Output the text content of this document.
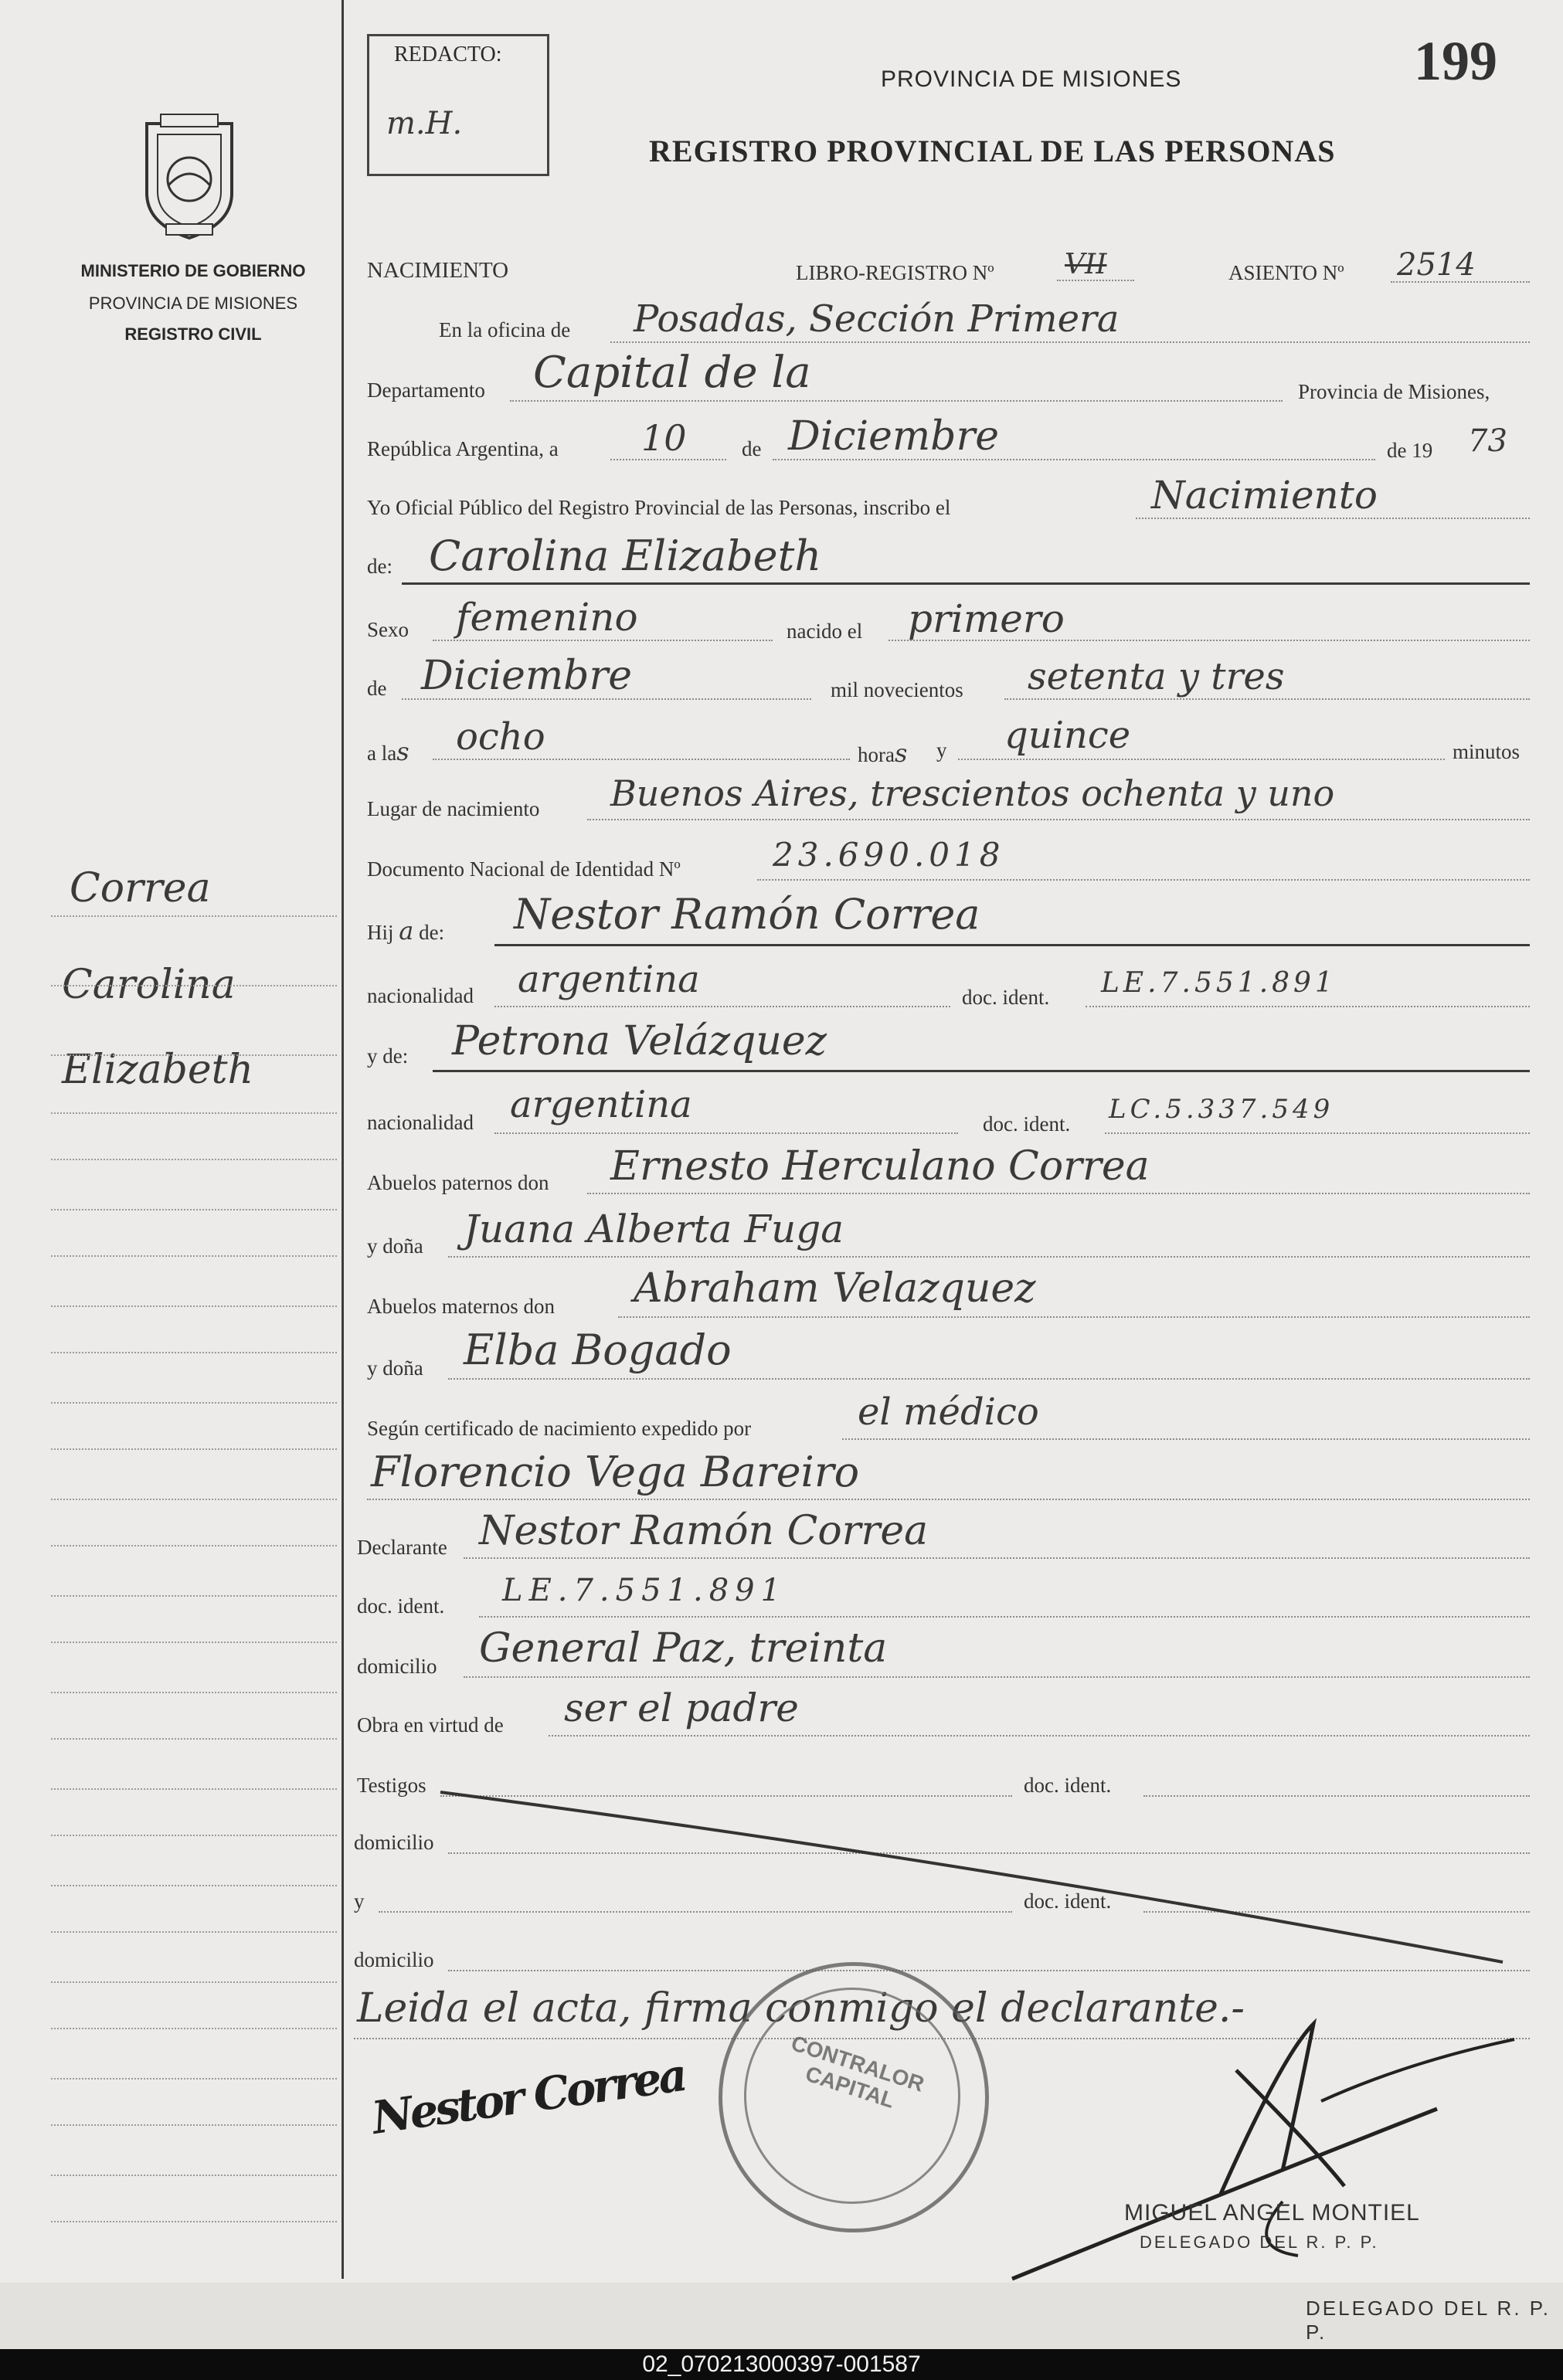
REDACTO:
m.H.
199
PROVINCIA DE MISIONES
REGISTRO PROVINCIAL DE LAS PERSONAS
MINISTERIO DE GOBIERNO
PROVINCIA DE MISIONES
REGISTRO CIVIL
Correa
Carolina
Elizabeth
NACIMIENTO	LIBRO-REGISTRO Nº	VII	ASIENTO Nº 2514
En la oficina de Posadas, Sección Primera
Departamento Capital de la	Provincia de Misiones,
República Argentina, a 10	de Diciembre	de 19 73
Yo Oficial Público del Registro Provincial de las Personas, inscribo el	Nacimiento
de: Carolina Elizabeth
Sexo femenino	nacido el primero
de Diciembre	mil novecientos setenta y tres
a las ocho	horas y quince	minutos
Lugar de nacimiento Buenos Aires, trescientos ochenta y uno
Documento Nacional de Identidad Nº	23.690.018
Hij a de: Nestor Ramón Correa
nacionalidad argentina	doc. ident. LE.7.551.891
y de: Petrona Velázquez
nacionalidad argentina	doc. ident. LC.5.337.549
Abuelos paternos don Ernesto Herculano Correa
y doña Juana Alberta Fuga
Abuelos maternos don Abraham Velazquez
y doña Elba Bogado
Según certificado de nacimiento expedido por	el médico
Florencio Vega Bareiro
Declarante Nestor Ramón Correa
doc. ident. LE.7.551.891
domicilio General Paz, treinta
Obra en virtud de ser el padre
Testigos	doc. ident.
domicilio
y	doc. ident.
domicilio
Leida el acta, firma conmigo el declarante.-
Nestor Correa	CONTRALOR CAPITAL
MIGUEL ANGEL MONTIEL
DELEGADO DEL R. P. P.
DELEGADO DEL R. P. P.
02_070213000397-001587
